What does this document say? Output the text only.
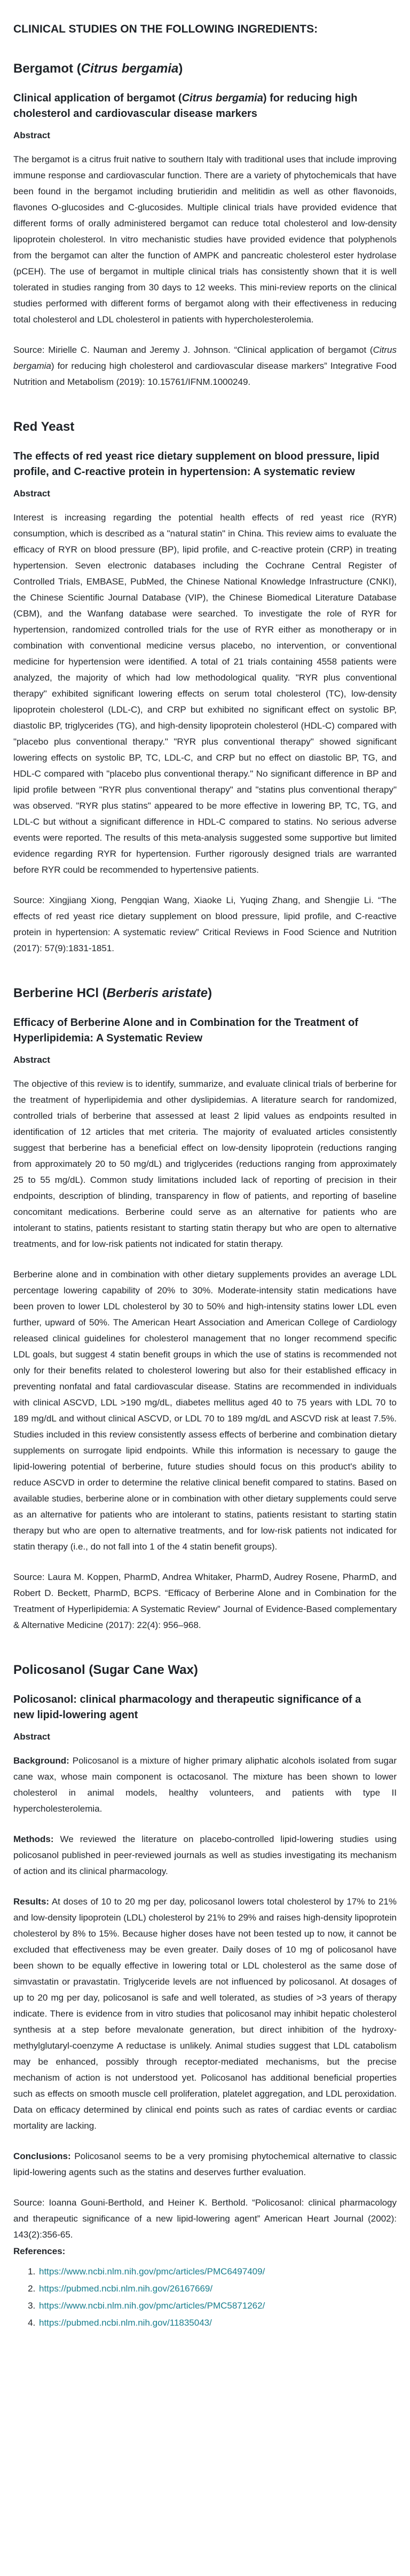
CLINICAL STUDIES ON THE FOLLOWING INGREDIENTS:
Bergamot (Citrus bergamia)
Clinical application of bergamot (Citrus bergamia) for reducing high cholesterol and cardiovascular disease markers
Abstract

The bergamot is a citrus fruit native to southern Italy with traditional uses that include improving immune response and cardiovascular function. There are a variety of phytochemicals that have been found in the bergamot including brutieridin and melitidin as well as other flavonoids, flavones O-glucosides and C-glucosides. Multiple clinical trials have provided evidence that different forms of orally administered bergamot can reduce total cholesterol and low-density lipoprotein cholesterol. In vitro mechanistic studies have provided evidence that polyphenols from the bergamot can alter the function of AMPK and pancreatic cholesterol ester hydrolase (pCEH). The use of bergamot in multiple clinical trials has consistently shown that it is well tolerated in studies ranging from 30 days to 12 weeks. This mini-review reports on the clinical studies performed with different forms of bergamot along with their effectiveness in reducing total cholesterol and LDL cholesterol in patients with hypercholesterolemia.

Source: Mirielle C. Nauman and Jeremy J. Johnson. “Clinical application of bergamot (Citrus bergamia) for reducing high cholesterol and cardiovascular disease markers” Integrative Food Nutrition and Metabolism (2019): 10.15761/IFNM.1000249.

Red Yeast
The effects of red yeast rice dietary supplement on blood pressure, lipid profile, and C-reactive protein in hypertension: A systematic review
Abstract

Interest is increasing regarding the potential health effects of red yeast rice (RYR) consumption, which is described as a "natural statin" in China. This review aims to evaluate the efficacy of RYR on blood pressure (BP), lipid profile, and C-reactive protein (CRP) in treating hypertension. Seven electronic databases including the Cochrane Central Register of Controlled Trials, EMBASE, PubMed, the Chinese National Knowledge Infrastructure (CNKI), the Chinese Scientific Journal Database (VIP), the Chinese Biomedical Literature Database (CBM), and the Wanfang database were searched. To investigate the role of RYR for hypertension, randomized controlled trials for the use of RYR either as monotherapy or in combination with conventional medicine versus placebo, no intervention, or conventional medicine for hypertension were identified. A total of 21 trials containing 4558 patients were analyzed, the majority of which had low methodological quality. "RYR plus conventional therapy" exhibited significant lowering effects on serum total cholesterol (TC), low-density lipoprotein cholesterol (LDL-C), and CRP but exhibited no significant effect on systolic BP, diastolic BP, triglycerides (TG), and high-density lipoprotein cholesterol (HDL-C) compared with "placebo plus conventional therapy." "RYR plus conventional therapy" showed significant lowering effects on systolic BP, TC, LDL-C, and CRP but no effect on diastolic BP, TG, and HDL-C compared with "placebo plus conventional therapy." No significant difference in BP and lipid profile between "RYR plus conventional therapy" and "statins plus conventional therapy" was observed. "RYR plus statins" appeared to be more effective in lowering BP, TC, TG, and LDL-C but without a significant difference in HDL-C compared to statins. No serious adverse events were reported. The results of this meta-analysis suggested some supportive but limited evidence regarding RYR for hypertension. Further rigorously designed trials are warranted before RYR could be recommended to hypertensive patients.

Source: Xingjiang Xiong, Pengqian Wang, Xiaoke Li, Yuqing Zhang, and Shengjie Li. “The effects of red yeast rice dietary supplement on blood pressure, lipid profile, and C-reactive protein in hypertension: A systematic review” Critical Reviews in Food Science and Nutrition (2017): 57(9):1831-1851.

Berberine HCl (Berberis aristate)
Efficacy of Berberine Alone and in Combination for the Treatment of Hyperlipidemia: A Systematic Review
Abstract

The objective of this review is to identify, summarize, and evaluate clinical trials of berberine for the treatment of hyperlipidemia and other dyslipidemias. A literature search for randomized, controlled trials of berberine that assessed at least 2 lipid values as endpoints resulted in identification of 12 articles that met criteria. The majority of evaluated articles consistently suggest that berberine has a beneficial effect on low-density lipoprotein (reductions ranging from approximately 20 to 50 mg/dL) and triglycerides (reductions ranging from approximately 25 to 55 mg/dL). Common study limitations included lack of reporting of precision in their endpoints, description of blinding, transparency in flow of patients, and reporting of baseline concomitant medications. Berberine could serve as an alternative for patients who are intolerant to statins, patients resistant to starting statin therapy but who are open to alternative treatments, and for low-risk patients not indicated for statin therapy.

Berberine alone and in combination with other dietary supplements provides an average LDL percentage lowering capability of 20% to 30%. Moderate-intensity statin medications have been proven to lower LDL cholesterol by 30 to 50% and high-intensity statins lower LDL even further, upward of 50%. The American Heart Association and American College of Cardiology released clinical guidelines for cholesterol management that no longer recommend specific LDL goals, but suggest 4 statin benefit groups in which the use of statins is recommended not only for their benefits related to cholesterol lowering but also for their established efficacy in preventing nonfatal and fatal cardiovascular disease. Statins are recommended in individuals with clinical ASCVD, LDL >190 mg/dL, diabetes mellitus aged 40 to 75 years with LDL 70 to 189 mg/dL and without clinical ASCVD, or LDL 70 to 189 mg/dL and ASCVD risk at least 7.5%. Studies included in this review consistently assess effects of berberine and combination dietary supplements on surrogate lipid endpoints. While this information is necessary to gauge the lipid-lowering potential of berberine, future studies should focus on this product's ability to reduce ASCVD in order to determine the relative clinical benefit compared to statins. Based on available studies, berberine alone or in combination with other dietary supplements could serve as an alternative for patients who are intolerant to statins, patients resistant to starting statin therapy but who are open to alternative treatments, and for low-risk patients not indicated for statin therapy (i.e., do not fall into 1 of the 4 statin benefit groups).

Source: Laura M. Koppen, PharmD, Andrea Whitaker, PharmD, Audrey Rosene, PharmD, and Robert D. Beckett, PharmD, BCPS. “Efficacy of Berberine Alone and in Combination for the Treatment of Hyperlipidemia: A Systematic Review” Journal of Evidence-Based complementary & Alternative Medicine (2017): 22(4): 956–968.

Policosanol (Sugar Cane Wax)
Policosanol: clinical pharmacology and therapeutic significance of a new lipid-lowering agent
Abstract

Background: Policosanol is a mixture of higher primary aliphatic alcohols isolated from sugar cane wax, whose main component is octacosanol. The mixture has been shown to lower cholesterol in animal models, healthy volunteers, and patients with type II hypercholesterolemia.

Methods: We reviewed the literature on placebo-controlled lipid-lowering studies using policosanol published in peer-reviewed journals as well as studies investigating its mechanism of action and its clinical pharmacology.

Results: At doses of 10 to 20 mg per day, policosanol lowers total cholesterol by 17% to 21% and low-density lipoprotein (LDL) cholesterol by 21% to 29% and raises high-density lipoprotein cholesterol by 8% to 15%. Because higher doses have not been tested up to now, it cannot be excluded that effectiveness may be even greater. Daily doses of 10 mg of policosanol have been shown to be equally effective in lowering total or LDL cholesterol as the same dose of simvastatin or pravastatin. Triglyceride levels are not influenced by policosanol. At dosages of up to 20 mg per day, policosanol is safe and well tolerated, as studies of >3 years of therapy indicate. There is evidence from in vitro studies that policosanol may inhibit hepatic cholesterol synthesis at a step before mevalonate generation, but direct inhibition of the hydroxy-methylglutaryl-coenzyme A reductase is unlikely. Animal studies suggest that LDL catabolism may be enhanced, possibly through receptor-mediated mechanisms, but the precise mechanism of action is not understood yet. Policosanol has additional beneficial properties such as effects on smooth muscle cell proliferation, platelet aggregation, and LDL peroxidation. Data on efficacy determined by clinical end points such as rates of cardiac events or cardiac mortality are lacking.

Conclusions: Policosanol seems to be a very promising phytochemical alternative to classic lipid-lowering agents such as the statins and deserves further evaluation.

Source: Ioanna Gouni-Berthold, and Heiner K. Berthold. “Policosanol: clinical pharmacology and therapeutic significance of a new lipid-lowering agent” American Heart Journal (2002): 143(2):356-65.

References:
1. https://www.ncbi.nlm.nih.gov/pmc/articles/PMC6497409/
2. https://pubmed.ncbi.nlm.nih.gov/26167669/
3. https://www.ncbi.nlm.nih.gov/pmc/articles/PMC5871262/
4. https://pubmed.ncbi.nlm.nih.gov/11835043/
